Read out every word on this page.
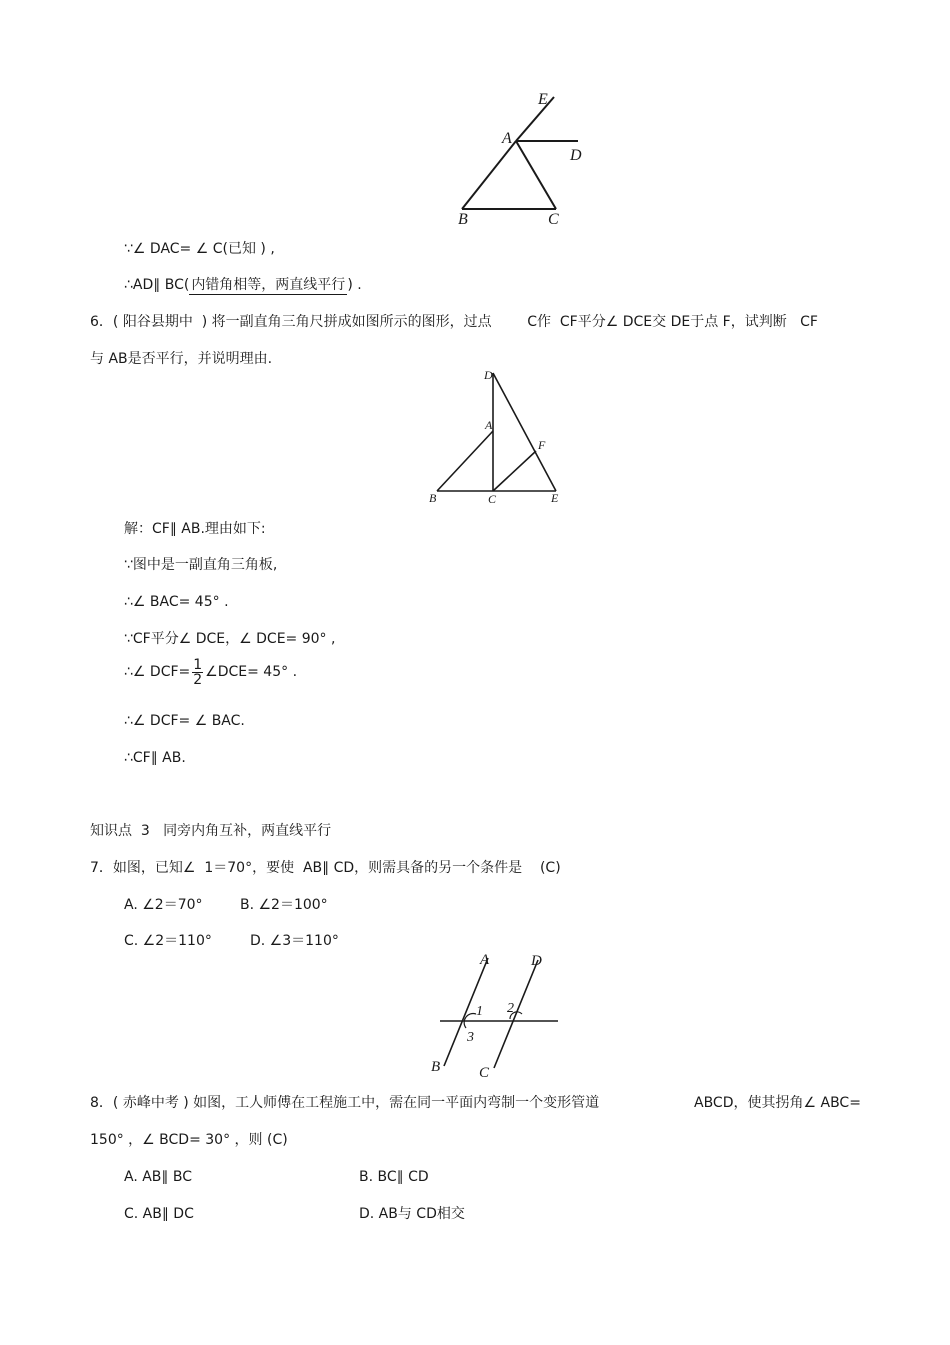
E
A
D
B	C
∵∠ DAC= ∠ C(已知 ) ,
∴AD∥ BC( 内错角相等，两直线平行 ) .
6．( 阳谷县期中  ) 将一副直角三角尺拼成如图所示的图形，过点        C作  CF平分∠ DCE交 DE于点 F，试判断   CF
与 AB是否平行，并说明理由.
D
A
F
B	C	E
解：CF∥ AB.理由如下:
∵图中是一副直角三角板,
∴∠ BAC= 45° .
∵CF平分∠ DCE，∠ DCE= 90° ,
∴∠ $DCF= \frac{1}{2}$ ∠DCE= 45° .
∴∠ DCF= ∠ BAC.
∴CF∥ AB.
知识点  3   同旁内角互补，两直线平行
7．如图，已知∠  1＝70°，要使  AB∥ CD，则需具备的另一个条件是    (C)
A. ∠2＝70°	B. ∠2＝100°
C. ∠2＝110°	D. ∠3＝110°
A	D
1 2
3
B	C
8．( 赤峰中考 ) 如图，工人师傅在工程施工中，需在同一平面内弯制一个变形管道	ABCD，使其拐角∠ ABC=
150° ，∠ BCD= 30° ，则 (C)
A. AB∥ BC	B. BC∥ CD
C. AB∥ DC	D. AB与 CD相交
